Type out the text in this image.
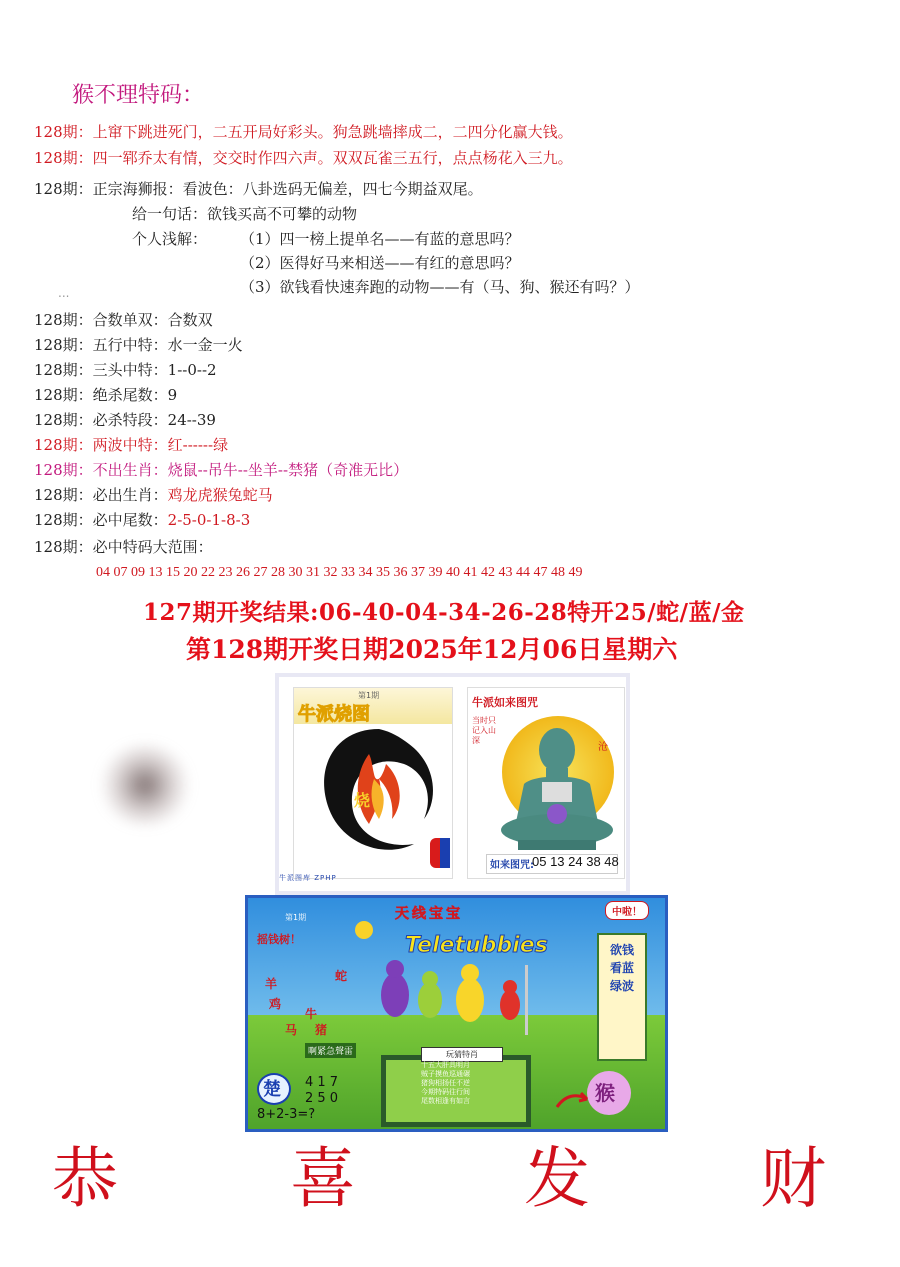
猴不理特码：
128期：上窜下跳进死门，二五开局好彩头。狗急跳墙摔成二，二四分化赢大钱。
128期：四一郓乔太有情，交交时作四六声。双双瓦雀三五行，点点杨花入三九。
128期：正宗海狮报：看波色：八卦选码无偏差，四七今期益双尾。
给一句话：欲钱买高不可攀的动物
个人浅解： （1）四一榜上提单名——有蓝的意思吗？
（2）医得好马来相送——有红的意思吗？
（3）欲钱看快速奔跑的动物——有（马、狗、猴还有吗？）
...
128期：合数单双：合数双
128期：五行中特：水一金一火
128期：三头中特：1--0--2
128期：绝杀尾数：9
128期：必杀特段：24--39
128期：两波中特：红------绿
128期：不出生肖：烧鼠--吊牛--坐羊--禁猪（奇准无比）
128期：必出生肖：鸡龙虎猴兔蛇马
128期：必中尾数：2-5-0-1-8-3
128期：必中特码大范围：
04 07 09 13 15 20 22 23 26 27 28 30 31 32 33 34 35 36 37 39 40 41 42 43 44 47 48 49
127期开奖结果:06-40-04-34-26-28特开25/蛇/蓝/金
第128期开奖日期2025年12月06日星期六
牛派烧图
第1期
烧
牛派图库 ZPHP
牛派如来图咒
当时只记入山深
沧
如来图咒:
05 13 24 38 48
第1期
摇钱树！
天线宝宝
Teletubbies
中啦！
欲钱看蓝绿波
羊
蛇
鸡
牛
马 猪
啊紧急聲雷
楚 4 1 7
2 5 0
8+2-3=?
玩猜特肖
十五大肝具明月
贼子摸鱼巡通碾
猪狗相扬任不逆
今期特码往行间
尾数相逢有如言	猴
恭	喜	发	财
